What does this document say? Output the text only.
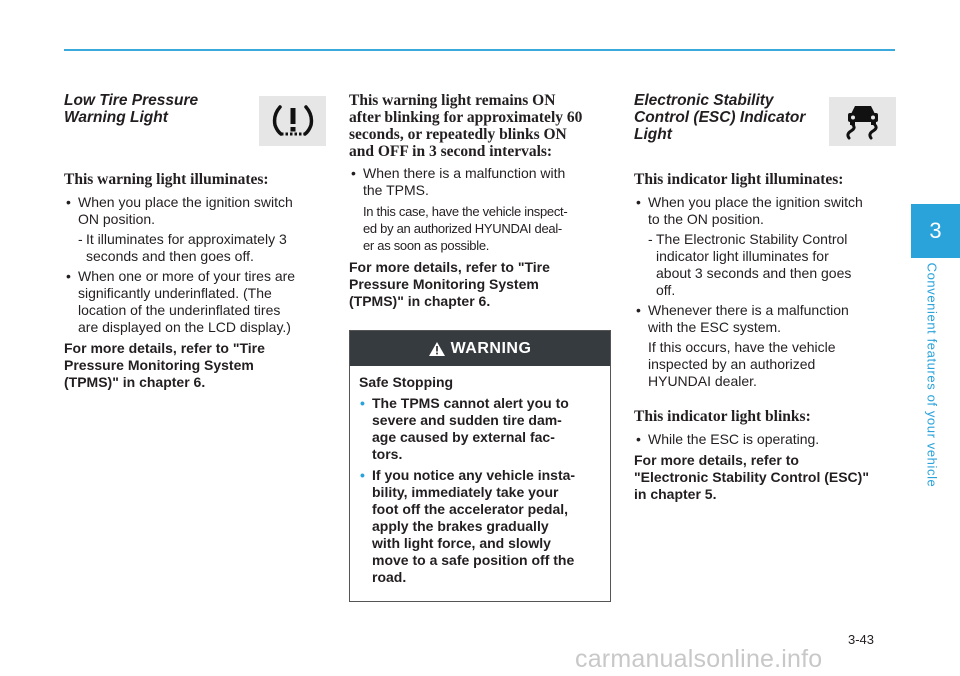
Low Tire Pressure
Warning Light

This warning light illuminates:

• When you place the ignition switch
ON position.

- It illuminates for approximately 3
seconds and then goes off.

• When one or more of your tires are
significantly underinflated. (The
location of the underinflated tires
are displayed on the LCD display.)

For more details, refer to "Tire
Pressure Monitoring System
(TPMS)" in chapter 6.

This warning light remains ON
after blinking for approximately 60
seconds, or repeatedly blinks ON
and OFF in 3 second intervals:

• When there is a malfunction with
the TPMS.

In this case, have the vehicle inspect-
ed by an authorized HYUNDAI deal-
er as soon as possible.

For more details, refer to "Tire
Pressure Monitoring System
(TPMS)" in chapter 6.

WARNING

Safe Stopping

• The TPMS cannot alert you to
severe and sudden tire dam-
age caused by external fac-
tors.

• If you notice any vehicle insta-
bility, immediately take your
foot off the accelerator pedal,
apply the brakes gradually
with light force, and slowly
move to a safe position off the
road.

Electronic Stability
Control (ESC) Indicator
Light

This indicator light illuminates:

• When you place the ignition switch
to the ON position.

- The Electronic Stability Control
indicator light illuminates for
about 3 seconds and then goes
off.

• Whenever there is a malfunction
with the ESC system.

If this occurs, have the vehicle
inspected by an authorized
HYUNDAI dealer.

This indicator light blinks:

• While the ESC is operating.

For more details, refer to
"Electronic Stability Control (ESC)"
in chapter 5.

3
Convenient features of your vehicle
3-43
carmanualsonline.info
